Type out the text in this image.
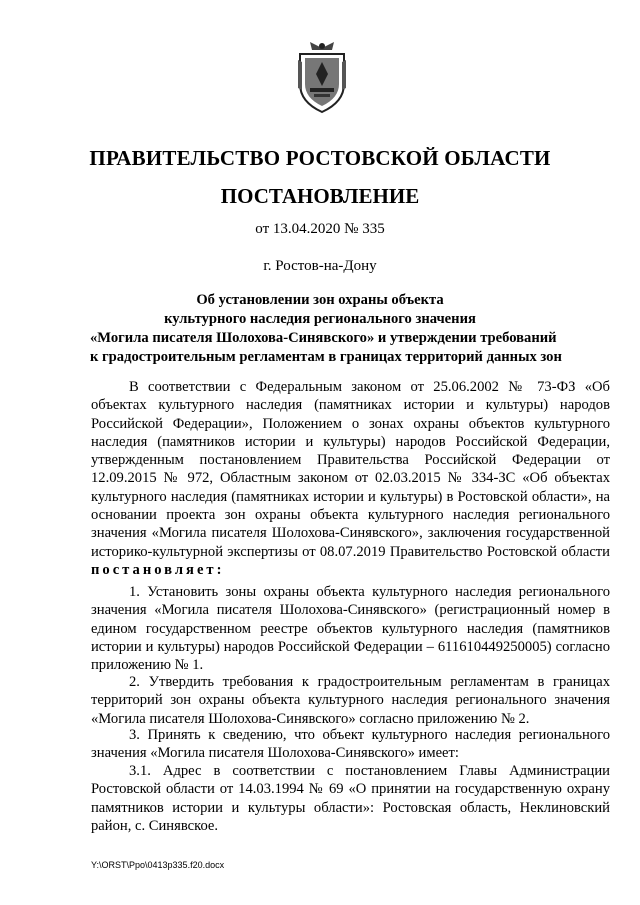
ПРАВИТЕЛЬСТВО РОСТОВСКОЙ ОБЛАСТИ
ПОСТАНОВЛЕНИЕ
от 13.04.2020 № 335
г. Ростов-на-Дону
Об установлении зон охраны объекта
культурного наследия регионального значения
«Могила писателя Шолохова-Синявского» и утверждении требований
к градостроительным регламентам в границах территорий данных зон

В соответствии с Федеральным законом от 25.06.2002 № 73-ФЗ «Об объектах культурного наследия (памятниках истории и культуры) народов Российской Федерации», Положением о зонах охраны объектов культурного наследия (памятников истории и культуры) народов Российской Федерации, утвержденным постановлением Правительства Российской Федерации от 12.09.2015 № 972, Областным законом от 02.03.2015 № 334-ЗС «Об объектах культурного наследия (памятниках истории и культуры) в Ростовской области», на основании проекта зон охраны объекта культурного наследия регионального значения «Могила писателя Шолохова-Синявского», заключения государственной историко-культурной экспертизы от 08.07.2019 Правительство Ростовской области постановляет:

1. Установить зоны охраны объекта культурного наследия регионального значения «Могила писателя Шолохова-Синявского» (регистрационный номер в едином государственном реестре объектов культурного наследия (памятников истории и культуры) народов Российской Федерации – 611610449250005) согласно приложению № 1.

2. Утвердить требования к градостроительным регламентам в границах территорий зон охраны объекта культурного наследия регионального значения «Могила писателя Шолохова-Синявского» согласно приложению № 2.

3. Принять к сведению, что объект культурного наследия регионального значения «Могила писателя Шолохова-Синявского» имеет:

3.1. Адрес в соответствии с постановлением Главы Администрации Ростовской области от 14.03.1994 № 69 «О принятии на государственную охрану памятников истории и культуры области»: Ростовская область, Неклиновский район, с. Синявское.

Y:\ORST\Ppo\0413p335.f20.docx
